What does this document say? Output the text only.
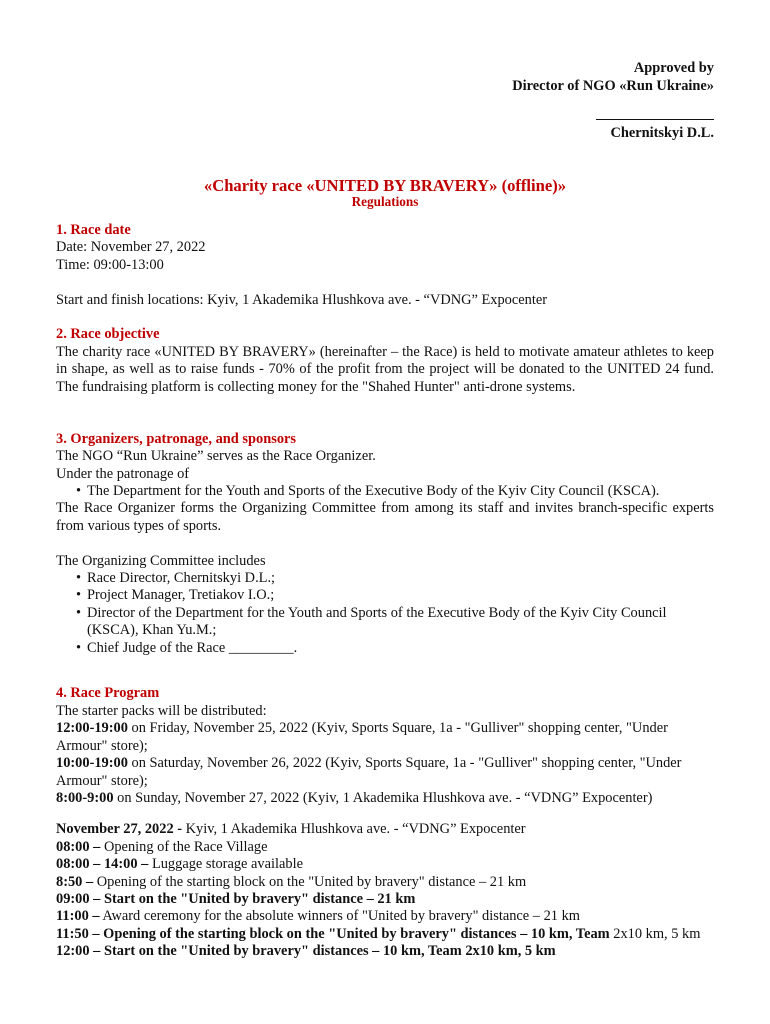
Approved by
Director of NGO «Run Ukraine»
Chernitskyi D.L.
«Charity race «UNITED BY BRAVERY» (offline)»
Regulations

1. Race date

Date: November 27, 2022

Time: 09:00-13:00

Start and finish locations: Kyiv, 1 Akademika Hlushkova ave. - “VDNG” Expocenter

2. Race objective

The charity race «UNITED BY BRAVERY» (hereinafter – the Race) is held to motivate amateur athletes to keep in shape, as well as to raise funds - 70% of the profit from the project will be donated to the UNITED 24 fund. The fundraising platform is collecting money for the "Shahed Hunter" anti-drone systems.

3. Organizers, patronage, and sponsors

The NGO “Run Ukraine” serves as the Race Organizer.

Under the patronage of

• The Department for the Youth and Sports of the Executive Body of the Kyiv City Council (KSCA).

The Race Organizer forms the Organizing Committee from among its staff and invites branch-specific experts from various types of sports.

The Organizing Committee includes

• Race Director, Chernitskyi D.L.;
• Project Manager, Tretiakov I.O.;
• Director of the Department for the Youth and Sports of the Executive Body of the Kyiv City Council (KSCA), Khan Yu.M.;
• Chief Judge of the Race _________.

4. Race Program

The starter packs will be distributed:

12:00-19:00 on Friday, November 25, 2022 (Kyiv, Sports Square, 1a - "Gulliver" shopping center, "Under Armour" store);

10:00-19:00 on Saturday, November 26, 2022 (Kyiv, Sports Square, 1a - "Gulliver" shopping center, "Under Armour" store);

8:00-9:00 on Sunday, November 27, 2022 (Kyiv, 1 Akademika Hlushkova ave. - “VDNG” Expocenter)

November 27, 2022 - Kyiv, 1 Akademika Hlushkova ave. - “VDNG” Expocenter

08:00 – Opening of the Race Village

08:00 – 14:00 – Luggage storage available

8:50 – Opening of the starting block on the "United by bravery" distance – 21 km

09:00 – Start on the "United by bravery" distance – 21 km

11:00 – Award ceremony for the absolute winners of "United by bravery" distance – 21 km

11:50 – Opening of the starting block on the "United by bravery" distances – 10 km, Team 2x10 km, 5 km

12:00 – Start on the "United by bravery" distances – 10 km, Team 2x10 km, 5 km
